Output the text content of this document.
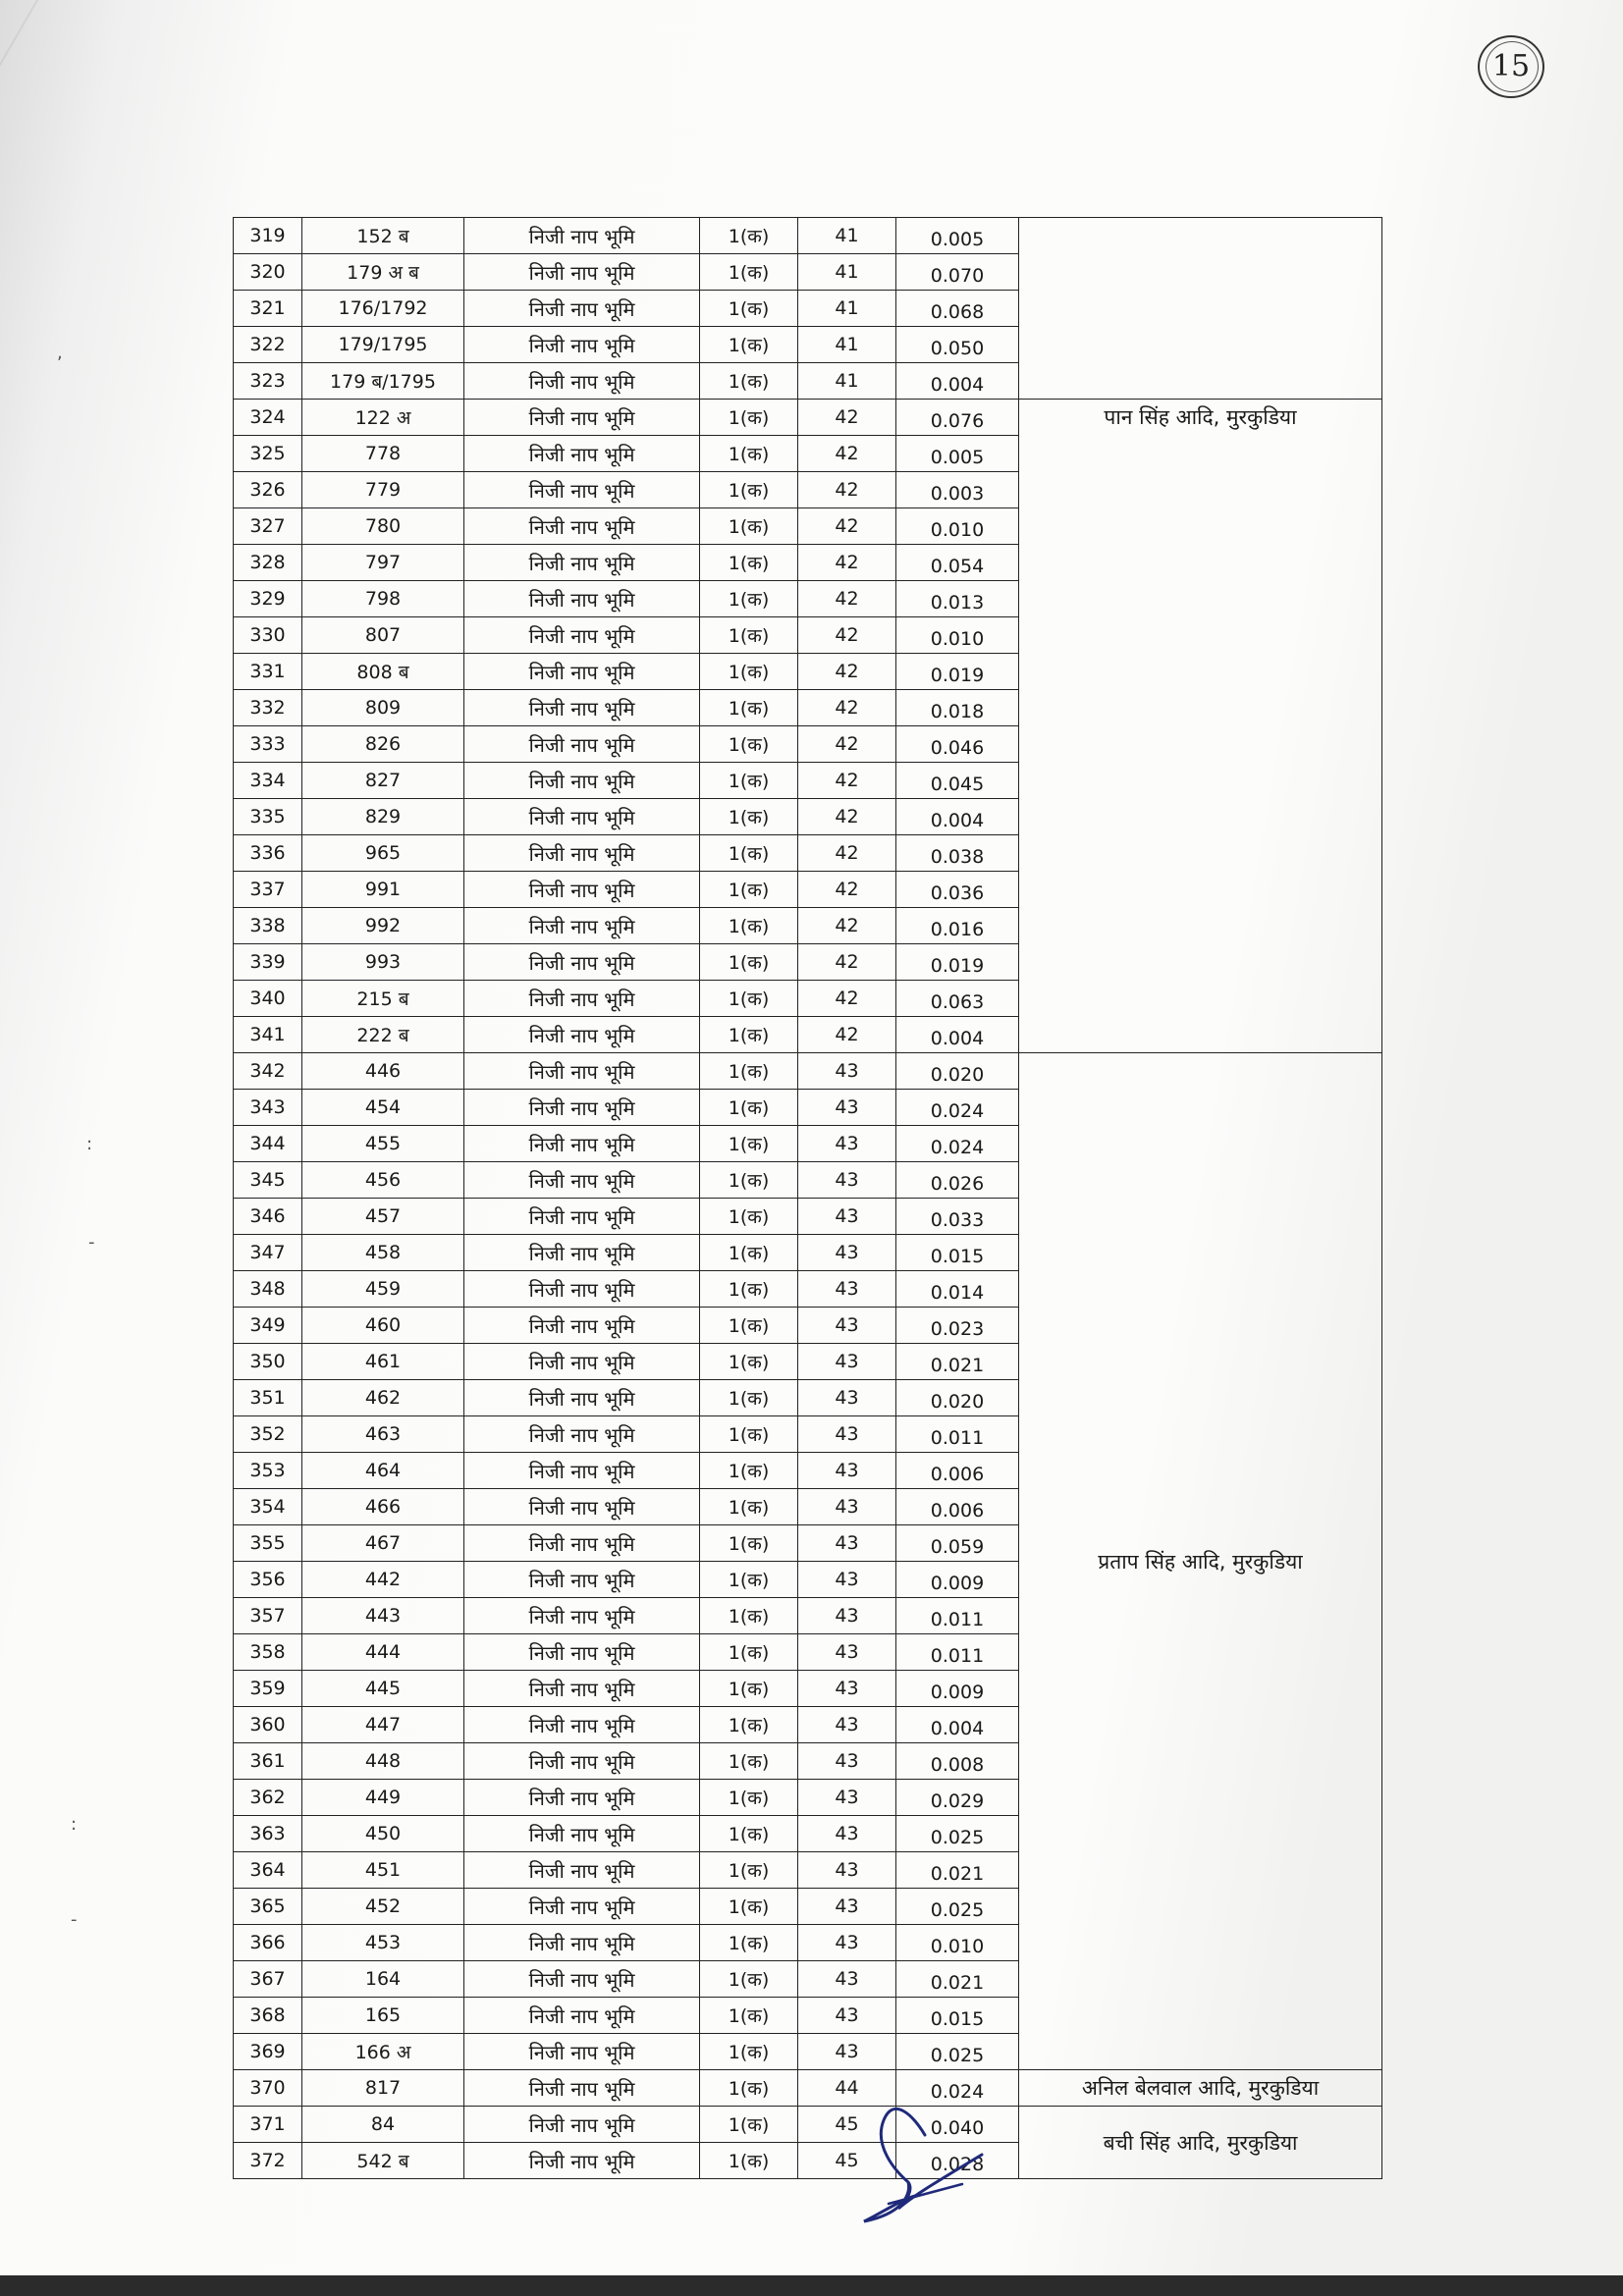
15
,
:
-
:
-
319	152 ब	निजी नाप भूमि	1(क)	41	0.005	
320	179 अ ब	निजी नाप भूमि	1(क)	41	0.070	
321	176/1792	निजी नाप भूमि	1(क)	41	0.068	
322	179/1795	निजी नाप भूमि	1(क)	41	0.050	
323	179 ब/1795	निजी नाप भूमि	1(क)	41	0.004	
324	122 अ	निजी नाप भूमि	1(क)	42	0.076	पान सिंह आदि, मुरकुडिया
325	778	निजी नाप भूमि	1(क)	42	0.005	
326	779	निजी नाप भूमि	1(क)	42	0.003	
327	780	निजी नाप भूमि	1(क)	42	0.010	
328	797	निजी नाप भूमि	1(क)	42	0.054	
329	798	निजी नाप भूमि	1(क)	42	0.013	
330	807	निजी नाप भूमि	1(क)	42	0.010	
331	808 ब	निजी नाप भूमि	1(क)	42	0.019	
332	809	निजी नाप भूमि	1(क)	42	0.018	
333	826	निजी नाप भूमि	1(क)	42	0.046	
334	827	निजी नाप भूमि	1(क)	42	0.045	
335	829	निजी नाप भूमि	1(क)	42	0.004	
336	965	निजी नाप भूमि	1(क)	42	0.038	
337	991	निजी नाप भूमि	1(क)	42	0.036	
338	992	निजी नाप भूमि	1(क)	42	0.016	
339	993	निजी नाप भूमि	1(क)	42	0.019	
340	215 ब	निजी नाप भूमि	1(क)	42	0.063	
341	222 ब	निजी नाप भूमि	1(क)	42	0.004	
342	446	निजी नाप भूमि	1(क)	43	0.020	प्रताप सिंह आदि, मुरकुडिया
343	454	निजी नाप भूमि	1(क)	43	0.024	
344	455	निजी नाप भूमि	1(क)	43	0.024	
345	456	निजी नाप भूमि	1(क)	43	0.026	
346	457	निजी नाप भूमि	1(क)	43	0.033	
347	458	निजी नाप भूमि	1(क)	43	0.015	
348	459	निजी नाप भूमि	1(क)	43	0.014	
349	460	निजी नाप भूमि	1(क)	43	0.023	
350	461	निजी नाप भूमि	1(क)	43	0.021	
351	462	निजी नाप भूमि	1(क)	43	0.020	
352	463	निजी नाप भूमि	1(क)	43	0.011	
353	464	निजी नाप भूमि	1(क)	43	0.006	
354	466	निजी नाप भूमि	1(क)	43	0.006	
355	467	निजी नाप भूमि	1(क)	43	0.059	
356	442	निजी नाप भूमि	1(क)	43	0.009	
357	443	निजी नाप भूमि	1(क)	43	0.011	
358	444	निजी नाप भूमि	1(क)	43	0.011	
359	445	निजी नाप भूमि	1(क)	43	0.009	
360	447	निजी नाप भूमि	1(क)	43	0.004	
361	448	निजी नाप भूमि	1(क)	43	0.008	
362	449	निजी नाप भूमि	1(क)	43	0.029	
363	450	निजी नाप भूमि	1(क)	43	0.025	
364	451	निजी नाप भूमि	1(क)	43	0.021	
365	452	निजी नाप भूमि	1(क)	43	0.025	
366	453	निजी नाप भूमि	1(क)	43	0.010	
367	164	निजी नाप भूमि	1(क)	43	0.021	
368	165	निजी नाप भूमि	1(क)	43	0.015	
369	166 अ	निजी नाप भूमि	1(क)	43	0.025	
370	817	निजी नाप भूमि	1(क)	44	0.024	अनिल बेलवाल आदि, मुरकुडिया
371	84	निजी नाप भूमि	1(क)	45	0.040	बची सिंह आदि, मुरकुडिया
372	542 ब	निजी नाप भूमि	1(क)	45	0.028	
